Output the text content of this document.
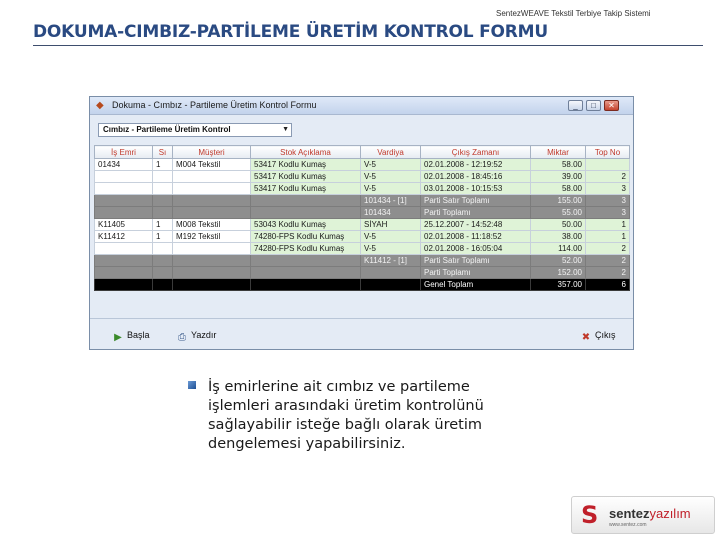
DOKUMA-CIMBIZ-PARTİLEME ÜRETİM KONTROL FORMU
SentezWEAVE Tekstil Terbiye Takip Sistemi
◆ Dokuma - Cımbız - Partileme Üretim Kontrol Formu	_	□	✕
Cımbız - Partileme Üretim Kontrol	▼
İş Emri	Sı	Müşteri	Stok Açıklama	Vardiya	Çıkış Zamanı	Miktar	Top No
01434	1	M004 Tekstil	53417 Kodlu Kumaş	V-5	02.01.2008 - 12:19:52	58.00	
			53417 Kodlu Kumaş	V-5	02.01.2008 - 18:45:16	39.00	2
			53417 Kodlu Kumaş	V-5	03.01.2008 - 10:15:53	58.00	3
				101434 - [1]	Parti Satır Toplamı	155.00	3
				101434	Parti Toplamı	55.00	3
K11405	1	M008 Tekstil	53043 Kodlu Kumaş	SİYAH	25.12.2007 - 14:52:48	50.00	1
K11412	1	M192 Tekstil	74280-FPS Kodlu Kumaş	V-5	02.01.2008 - 11:18:52	38.00	1
			74280-FPS Kodlu Kumaş	V-5	02.01.2008 - 16:05:04	114.00	2
				K11412 - [1]	Parti Satır Toplamı	52.00	2
					Parti Toplamı	152.00	2
					Genel Toplam	357.00	6
▶ Başla	⎙ Yazdır	✖ Çıkış
İş emirlerine ait cımbız ve partileme işlemleri arasındaki üretim kontrolünü sağlayabilir isteğe bağlı olarak üretim dengelemesi yapabilirsiniz.
S sentezyazılım
www.sentez.com
